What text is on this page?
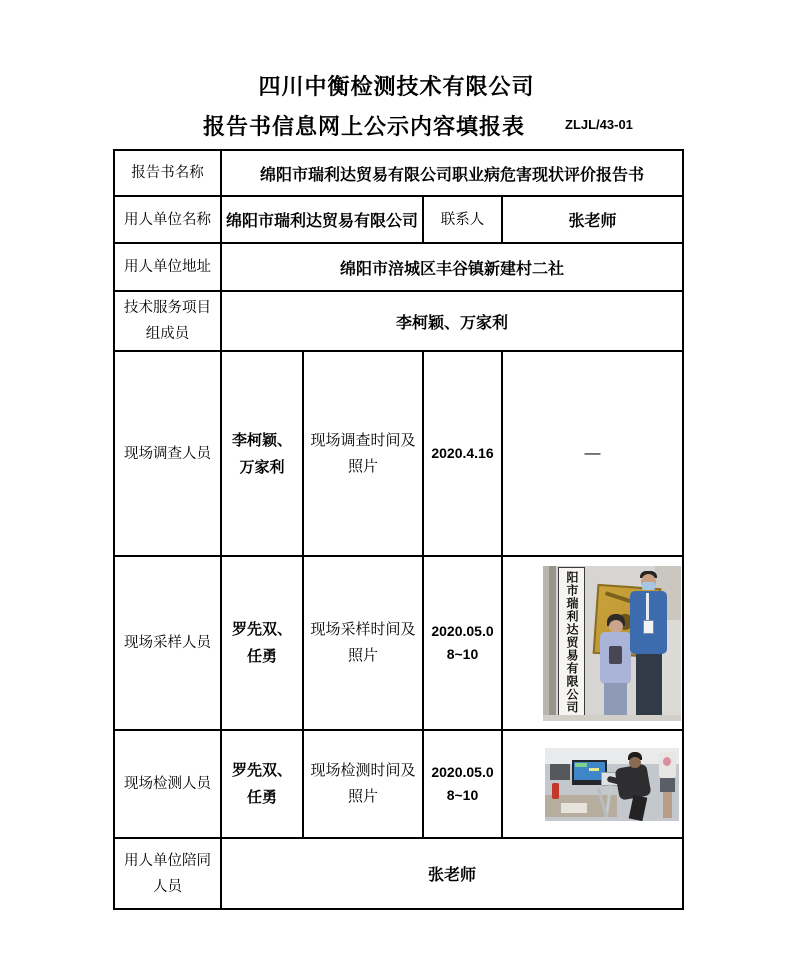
四川中衡检测技术有限公司
报告书信息网上公示内容填报表	ZLJL/43-01
报告书名称	绵阳市瑞利达贸易有限公司职业病危害现状评价报告书			
用人单位名称	绵阳市瑞利达贸易有限公司		联系人	张老师
用人单位地址	绵阳市涪城区丰谷镇新建村二社			
技术服务项目组成员	李柯颖、万家利			
现场调查人员	李柯颖、万家利	现场调查时间及照片	2020.4.16	—
现场采样人员	罗先双、任勇	现场采样时间及照片	2020.05.08~10	阳市瑞利达贸易有限公司

现场检测人员	罗先双、任勇	现场检测时间及照片	2020.05.08~10	

用人单位陪同人员	张老师			
